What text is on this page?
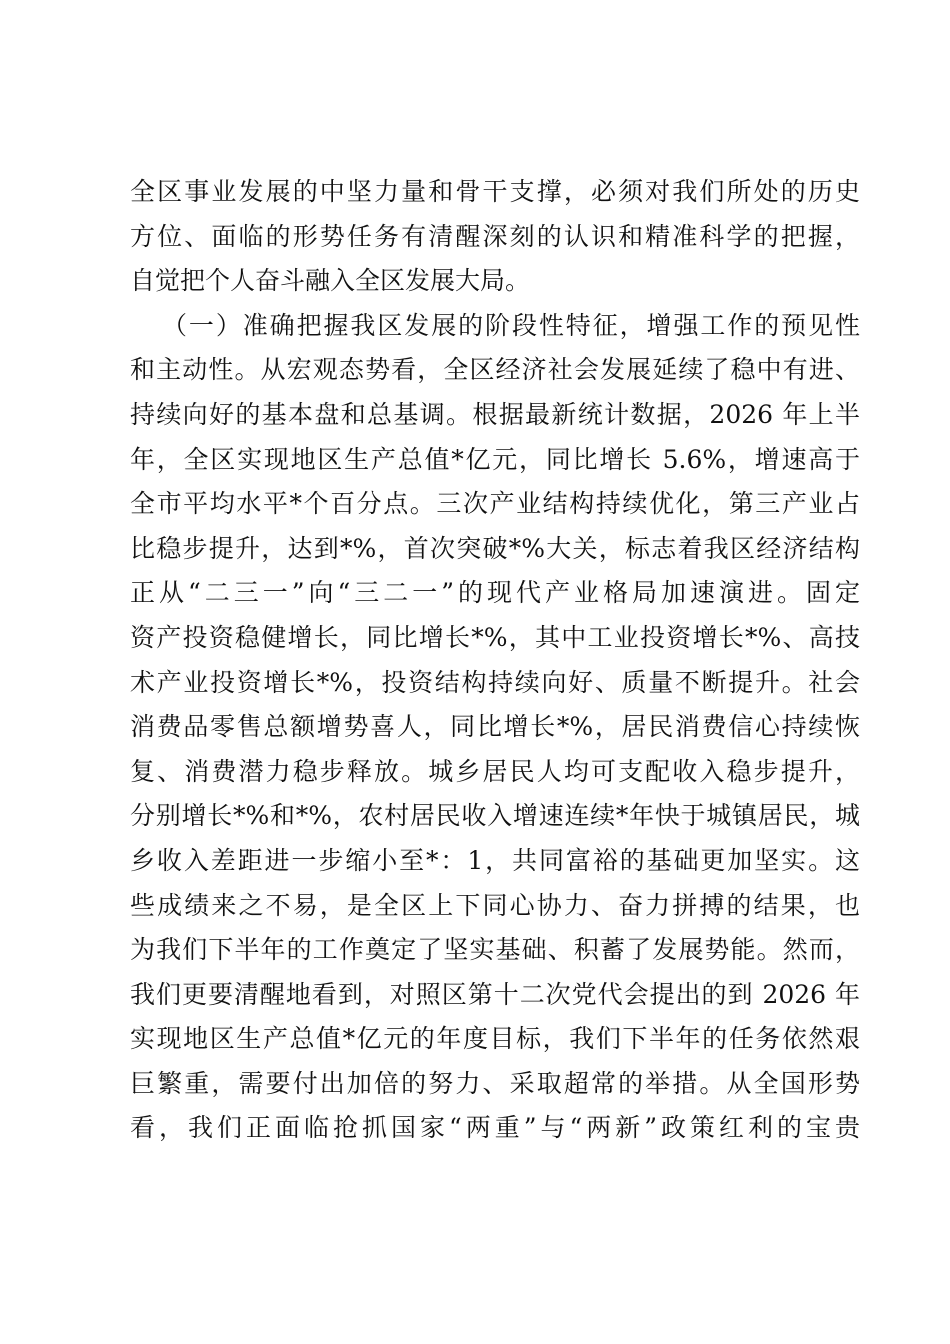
全区事业发展的中坚力量和骨干支撑，必须对我们所处的历史
方位、面临的形势任务有清醒深刻的认识和精准科学的把握，
自觉把个人奋斗融入全区发展大局。
（一）准确把握我区发展的阶段性特征，增强工作的预见性
和主动性。从宏观态势看，全区经济社会发展延续了稳中有进、
持续向好的基本盘和总基调。根据最新统计数据，2026 年上半
年，全区实现地区生产总值*亿元，同比增长 5.6%，增速高于
全市平均水平*个百分点。三次产业结构持续优化，第三产业占
比稳步提升，达到*%，首次突破*%大关，标志着我区经济结构
正从“二三一”向“三二一”的现代产业格局加速演进。固定
资产投资稳健增长，同比增长*%，其中工业投资增长*%、高技
术产业投资增长*%，投资结构持续向好、质量不断提升。社会
消费品零售总额增势喜人，同比增长*%，居民消费信心持续恢
复、消费潜力稳步释放。城乡居民人均可支配收入稳步提升，
分别增长*%和*%，农村居民收入增速连续*年快于城镇居民，城
乡收入差距进一步缩小至*：1，共同富裕的基础更加坚实。这
些成绩来之不易，是全区上下同心协力、奋力拼搏的结果，也
为我们下半年的工作奠定了坚实基础、积蓄了发展势能。然而，
我们更要清醒地看到，对照区第十二次党代会提出的到 2026 年
实现地区生产总值*亿元的年度目标，我们下半年的任务依然艰
巨繁重，需要付出加倍的努力、采取超常的举措。从全国形势
看，我们正面临抢抓国家“两重”与“两新”政策红利的宝贵
